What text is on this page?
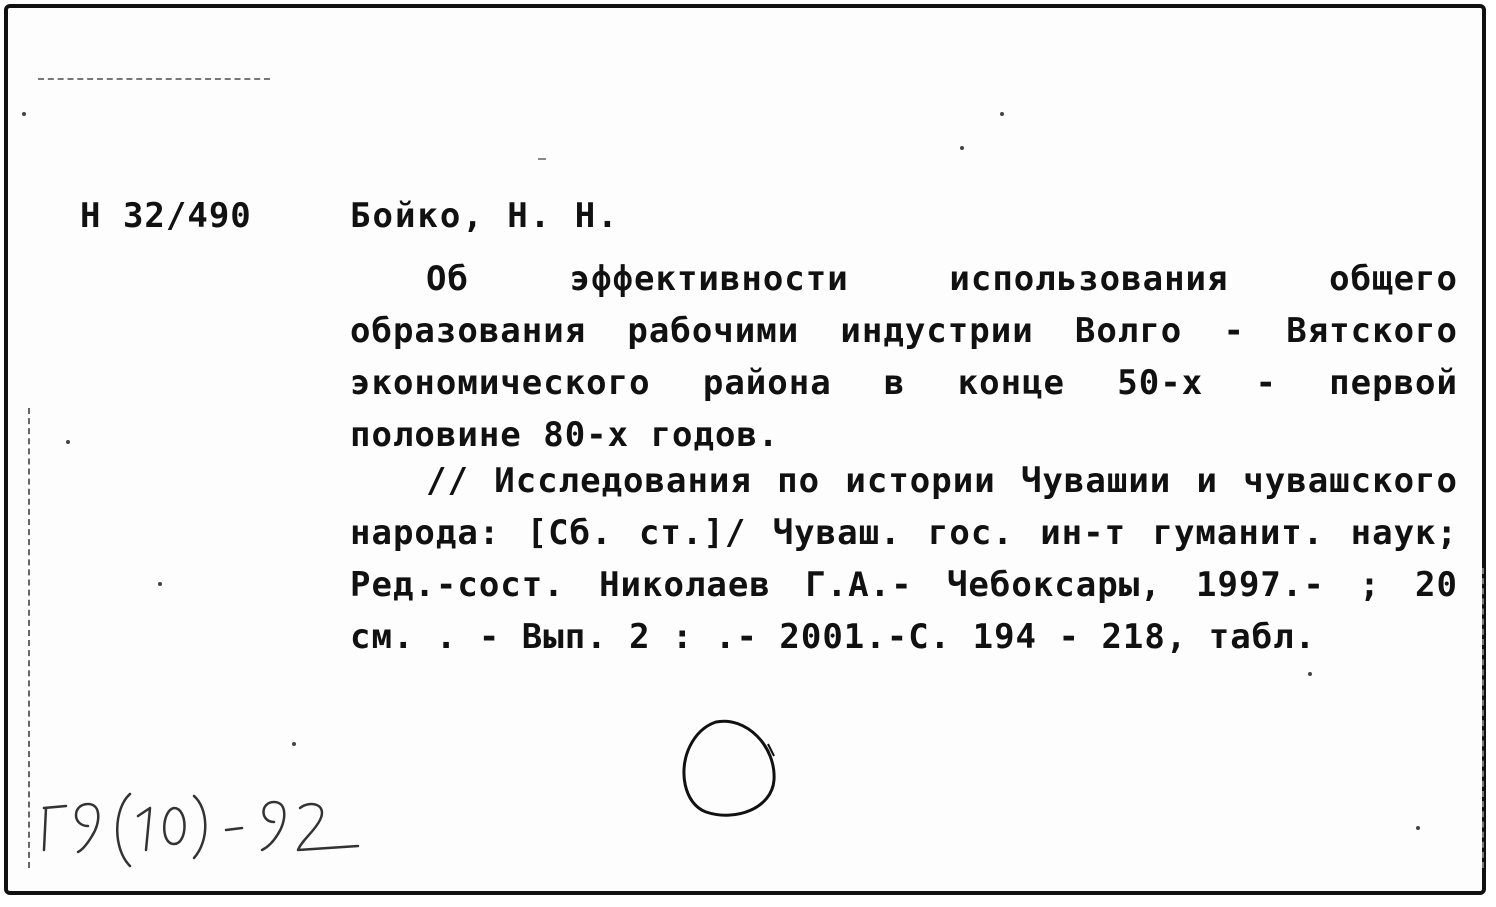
Н 32/490	Бойко, Н. Н.

Об эффективности использования общего образования рабочими индустрии Волго - Вятского экономического района в конце 50-х - первой половине 80-х годов.

// Исследования по истории Чувашии и чувашского народа: [Сб. ст.]/ Чуваш. гос. ин-т гуманит. наук; Ред.-сост. Николаев Г.А.- Чебоксары, 1997.- ; 20 см. . - Вып. 2 : .- 2001.-С. 194 - 218, табл.
